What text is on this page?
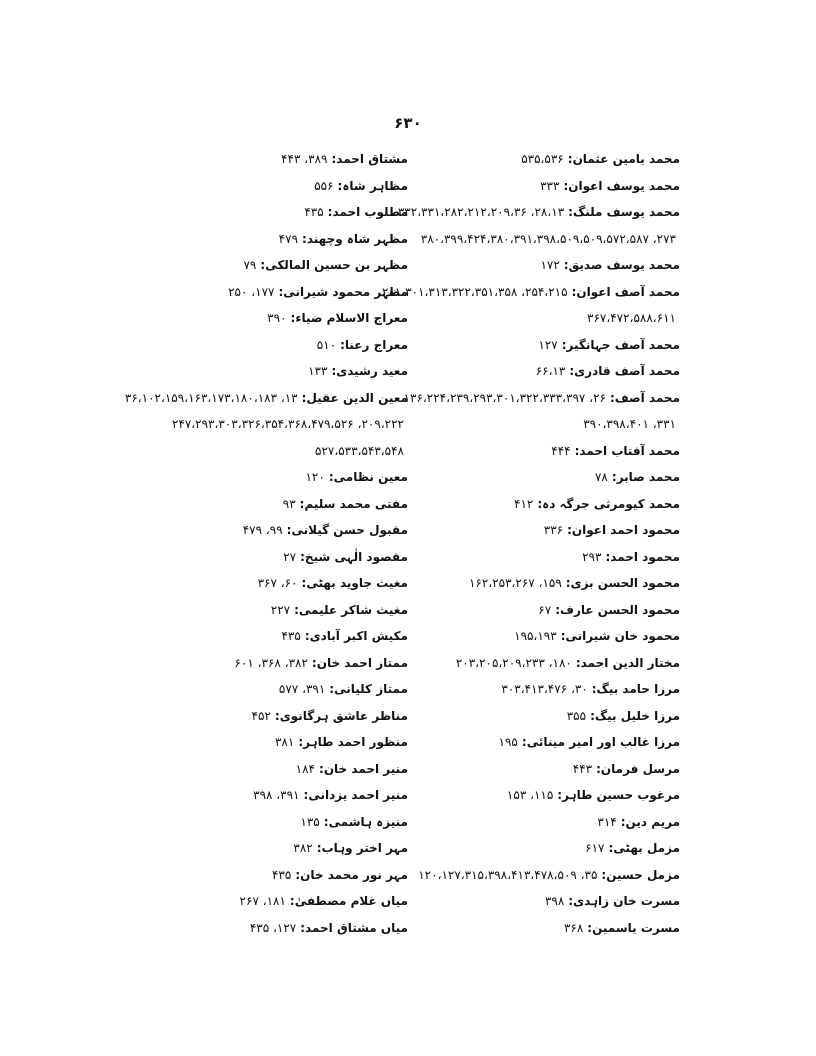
۶۳۰
محمد یامین عثمان:۵۳۵،۵۳۶
محمد یوسف اعوان:۳۳۳
محمد یوسف ملنگ:۲۸،۱۳، ۳۳۲،۳۳۱،۲۸۲،۲۱۲،۲۰۹،۳۶
۲۷۳، ۳۸۰،۳۹۹،۴۲۴،۳۸۰،۳۹۱،۳۹۸،۵۰۹،۵۰۹،۵۷۲،۵۸۷
محمد یوسف صدیق:۱۷۲
محمد آصف اعوان:۲۵۴،۲۱۵، ۲۸۱،۳۰۱،۳۱۳،۳۲۲،۳۵۱،۳۵۸
۳۶۷،۴۷۲،۵۸۸،۶۱۱
محمد آصف جہانگیر:۱۲۷
محمد آصف قادری:۶۶،۱۳
محمد آصف:۲۶، ۱۳۶،۲۲۴،۲۳۹،۲۹۳،۳۰۱،۳۲۲،۳۳۳،۳۹۷
۳۳۱، ۳۹۰،۳۹۸،۴۰۱
محمد آفتاب احمد:۴۴۴
محمد صابر:۷۸
محمد کیومرثی جرگہ دہ:۴۱۲
محمود احمد اعوان:۳۳۶
محمود احمد:۲۹۳
محمود الحسن بزی:۱۵۹، ۱۶۲،۲۵۳،۲۶۷
محمود الحسن عارف:۶۷
محمود خان شیرانی:۱۹۵،۱۹۳
مختار الدین احمد:۱۸۰، ۲۰۳،۲۰۵،۲۰۹،۲۳۳
مرزا حامد بیگ:۳۰، ۳۰۳،۴۱۳،۴۷۶
مرزا خلیل بیگ:۳۵۵
مرزا غالب اور امیر مینائی:۱۹۵
مرسل فرمان:۴۴۳
مرغوب حسین طاہر:۱۱۵، ۱۵۳
مریم دین:۳۱۴
مزمل بھٹی:۶۱۷
مزمل حسین:۳۵، ۱۲۰،۱۲۷،۳۱۵،۳۹۸،۴۱۳،۴۷۸،۵۰۹
مسرت خان زاہدی:۳۹۸
مسرت یاسمین:۳۶۸
مشتاق احمد:۳۸۹، ۴۴۳
مظاہر شاہ:۵۵۶
مطلوب احمد:۴۳۵
مظہر شاہ وچھند:۴۷۹
مظہر بن حسین المالکی:۷۹
مظہر محمود شیرانی:۱۷۷، ۲۵۰
معراج الاسلام ضیاء:۳۹۰
معراج رعنا:۵۱۰
معید رشیدی:۱۳۳
معین الدین عقیل:۱۳، ۳۶،۱۰۲،۱۵۹،۱۶۳،۱۷۳،۱۸۰،۱۸۳
۲۰۹،۲۲۲، ۲۴۷،۲۹۳،۳۰۳،۳۲۶،۳۵۴،۳۶۸،۴۷۹،۵۲۶
۵۲۷،۵۳۳،۵۴۳،۵۴۸
معین نظامی:۱۲۰
مفتی محمد سلیم:۹۳
مقبول حسن گیلانی:۹۹، ۴۷۹
مقصود الٰہی شیخ:۲۷
مغیث جاوید بھٹی:۶۰، ۳۶۷
مغیث شاکر علیمی:۲۲۷
مکیش اکبر آبادی:۴۳۵
ممتاز احمد خان:۳۸۲، ۳۶۸، ۶۰۱
ممتاز کلیانی:۳۹۱، ۵۷۷
مناظر عاشق ہرگانوی:۴۵۲
منظور احمد طاہر:۳۸۱
منیر احمد خان:۱۸۴
منیر احمد یزدانی:۳۹۱، ۳۹۸
منیزہ ہاشمی:۱۳۵
مہر اختر وہاب:۳۸۲
مہر نور محمد خان:۴۳۵
میاں غلام مصطفیٰ:۱۸۱، ۲۶۷
میاں مشتاق احمد:۱۲۷، ۴۳۵
